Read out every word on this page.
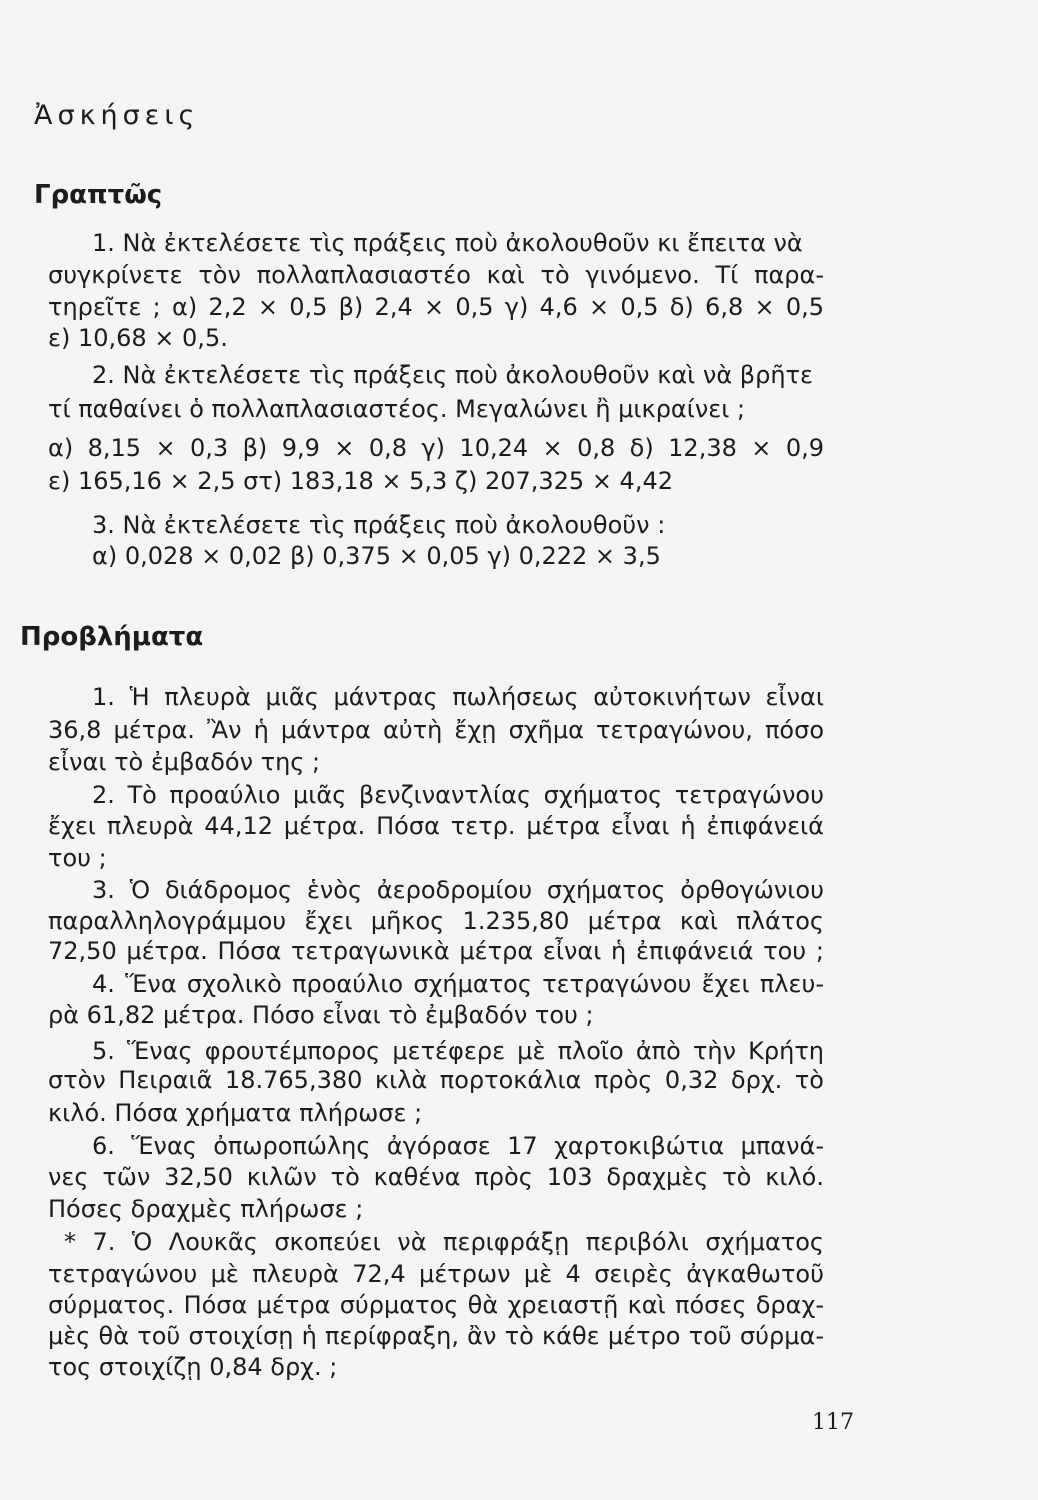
Ἀσκήσεις
Γραπτῶς
1. Νὰ ἐκτελέσετε τὶς πράξεις ποὺ ἀκολουθοῦν κι ἔπειτα νὰ
συγκρίνετε τὸν πολλαπλασιαστέο καὶ τὸ γινόμενο. Τί παρα-
τηρεῖτε ; α) 2,2 × 0,5 β) 2,4 × 0,5 γ) 4,6 × 0,5 δ) 6,8 × 0,5
ε) 10,68 × 0,5.
2. Νὰ ἐκτελέσετε τὶς πράξεις ποὺ ἀκολουθοῦν καὶ νὰ βρῆτε
τί παθαίνει ὁ πολλαπλασιαστέος. Μεγαλώνει ἢ μικραίνει ;
α) 8,15 × 0,3 β) 9,9 × 0,8 γ) 10,24 × 0,8 δ) 12,38 × 0,9
ε) 165,16 × 2,5 στ) 183,18 × 5,3 ζ) 207,325 × 4,42
3. Νὰ ἐκτελέσετε τὶς πράξεις ποὺ ἀκολουθοῦν :
α) 0,028 × 0,02 β) 0,375 × 0,05 γ) 0,222 × 3,5
Προβλήματα
1. Ἡ πλευρὰ μιᾶς μάντρας πωλήσεως αὐτοκινήτων εἶναι
36,8 μέτρα. Ἂν ἡ μάντρα αὐτὴ ἔχῃ σχῆμα τετραγώνου, πόσο
εἶναι τὸ ἐμβαδόν της ;
2. Τὸ προαύλιο μιᾶς βενζιναντλίας σχήματος τετραγώνου
ἔχει πλευρὰ 44,12 μέτρα. Πόσα τετρ. μέτρα εἶναι ἡ ἐπιφάνειά
του ;
3. Ὁ διάδρομος ἑνὸς ἀεροδρομίου σχήματος ὀρθογώνιου
παραλληλογράμμου ἔχει μῆκος 1.235,80 μέτρα καὶ πλάτος
72,50 μέτρα. Πόσα τετραγωνικὰ μέτρα εἶναι ἡ ἐπιφάνειά του ;
4. Ἕνα σχολικὸ προαύλιο σχήματος τετραγώνου ἔχει πλευ-
ρὰ 61,82 μέτρα. Πόσο εἶναι τὸ ἐμβαδόν του ;
5. Ἕνας φρουτέμπορος μετέφερε μὲ πλοῖο ἀπὸ τὴν Κρήτη
στὸν Πειραιᾶ 18.765,380 κιλὰ πορτοκάλια πρὸς 0,32 δρχ. τὸ
κιλό. Πόσα χρήματα πλήρωσε ;
6. Ἕνας ὀπωροπώλης ἀγόρασε 17 χαρτοκιβώτια μπανά-
νες τῶν 32,50 κιλῶν τὸ καθένα πρὸς 103 δραχμὲς τὸ κιλό.
Πόσες δραχμὲς πλήρωσε ;
* 7. Ὁ Λουκᾶς σκοπεύει νὰ περιφράξῃ περιβόλι σχήματος
τετραγώνου μὲ πλευρὰ 72,4 μέτρων μὲ 4 σειρὲς ἀγκαθωτοῦ
σύρματος. Πόσα μέτρα σύρματος θὰ χρειαστῇ καὶ πόσες δραχ-
μὲς θὰ τοῦ στοιχίσῃ ἡ περίφραξη, ἂν τὸ κάθε μέτρο τοῦ σύρμα-
τος στοιχίζῃ 0,84 δρχ. ;
117
